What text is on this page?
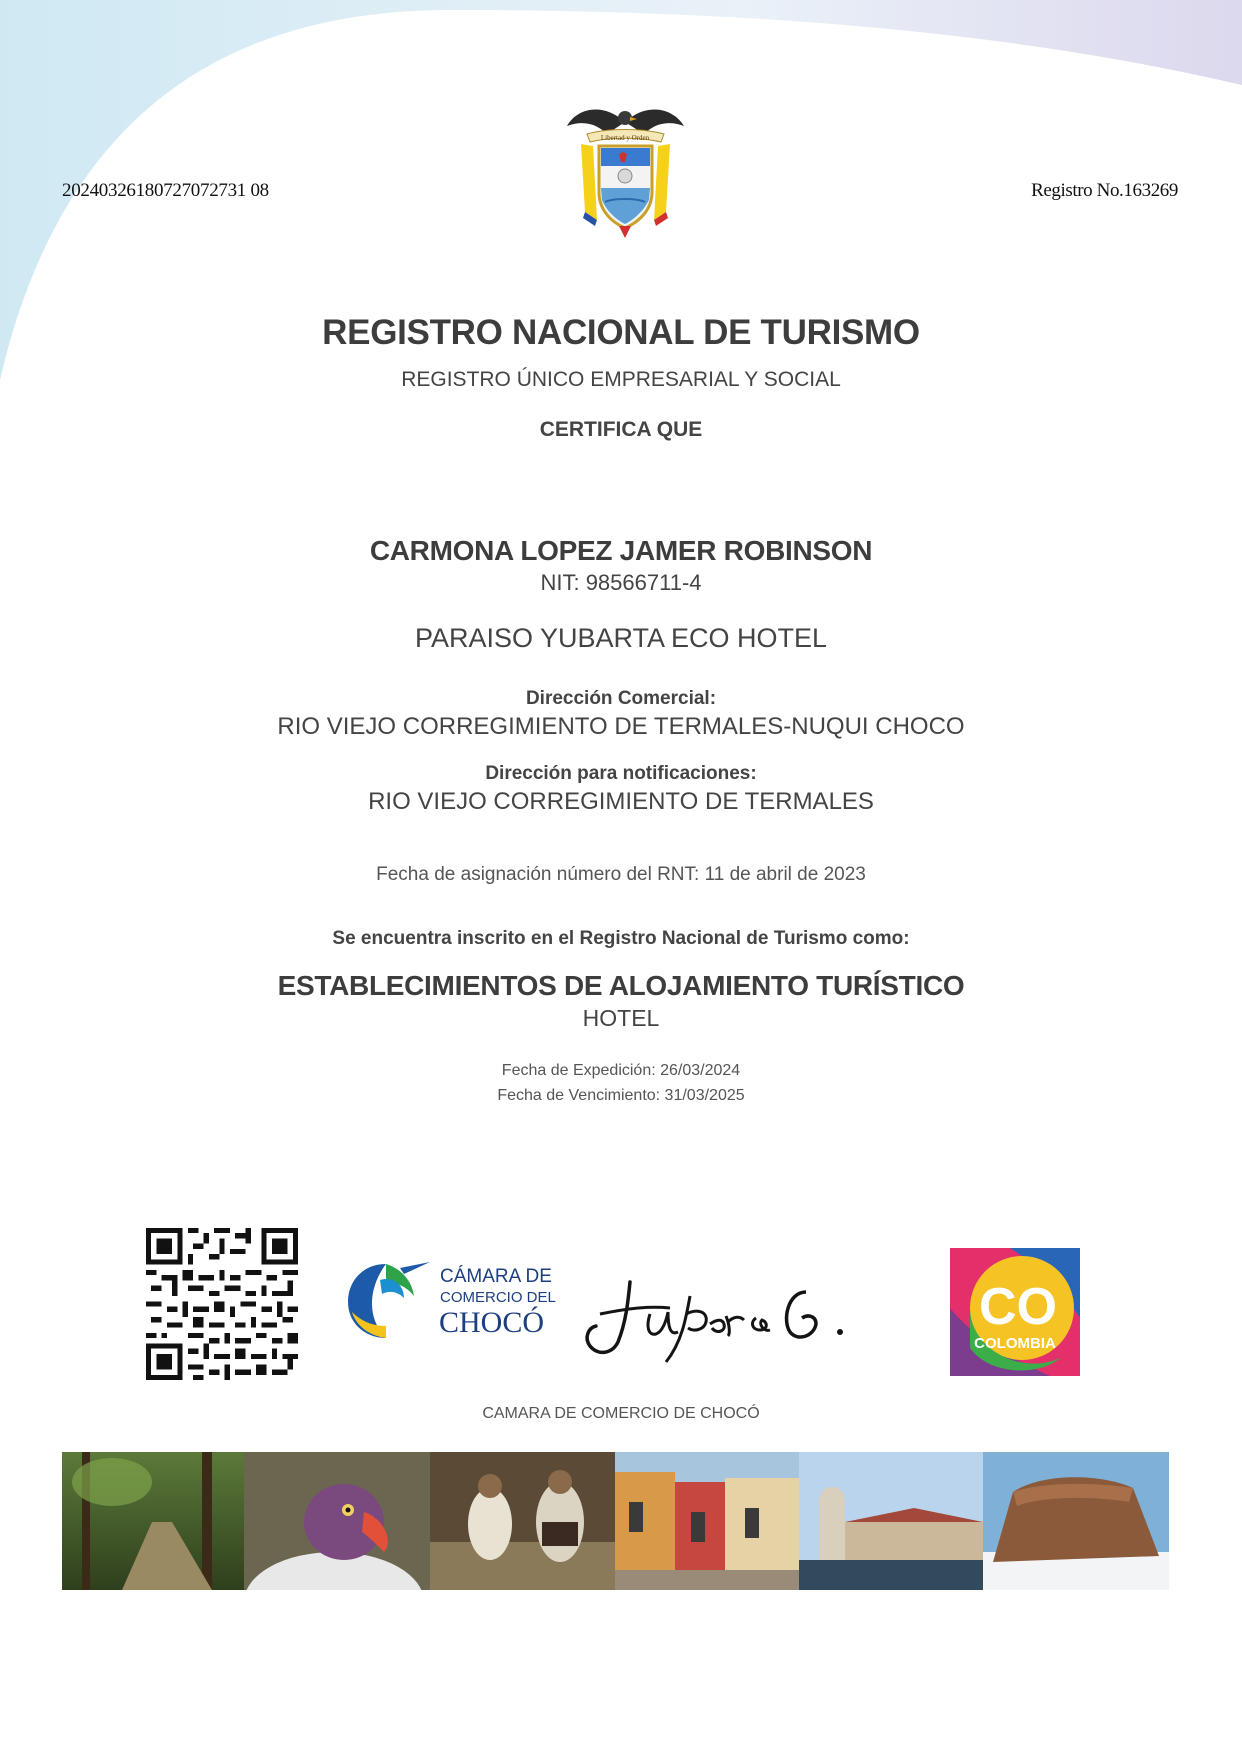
20240326180727072731 08	Registro No.163269
Libertad y Orden
REGISTRO NACIONAL DE TURISMO
REGISTRO ÚNICO EMPRESARIAL Y SOCIAL
CERTIFICA QUE
CARMONA LOPEZ JAMER ROBINSON
NIT: 98566711-4
PARAISO YUBARTA ECO HOTEL
Dirección Comercial:
RIO VIEJO CORREGIMIENTO DE TERMALES-NUQUI CHOCO
Dirección para notificaciones:
RIO VIEJO CORREGIMIENTO DE TERMALES
Fecha de asignación número del RNT: 11 de abril de 2023
Se encuentra inscrito en el Registro Nacional de Turismo como:
ESTABLECIMIENTOS DE ALOJAMIENTO TURÍSTICO
HOTEL
Fecha de Expedición: 26/03/2024
Fecha de Vencimiento: 31/03/2025
CÁMARA DE
COMERCIO DEL
CHOCÓ	CO
COLOMBIA
CAMARA DE COMERCIO DE CHOCÓ
